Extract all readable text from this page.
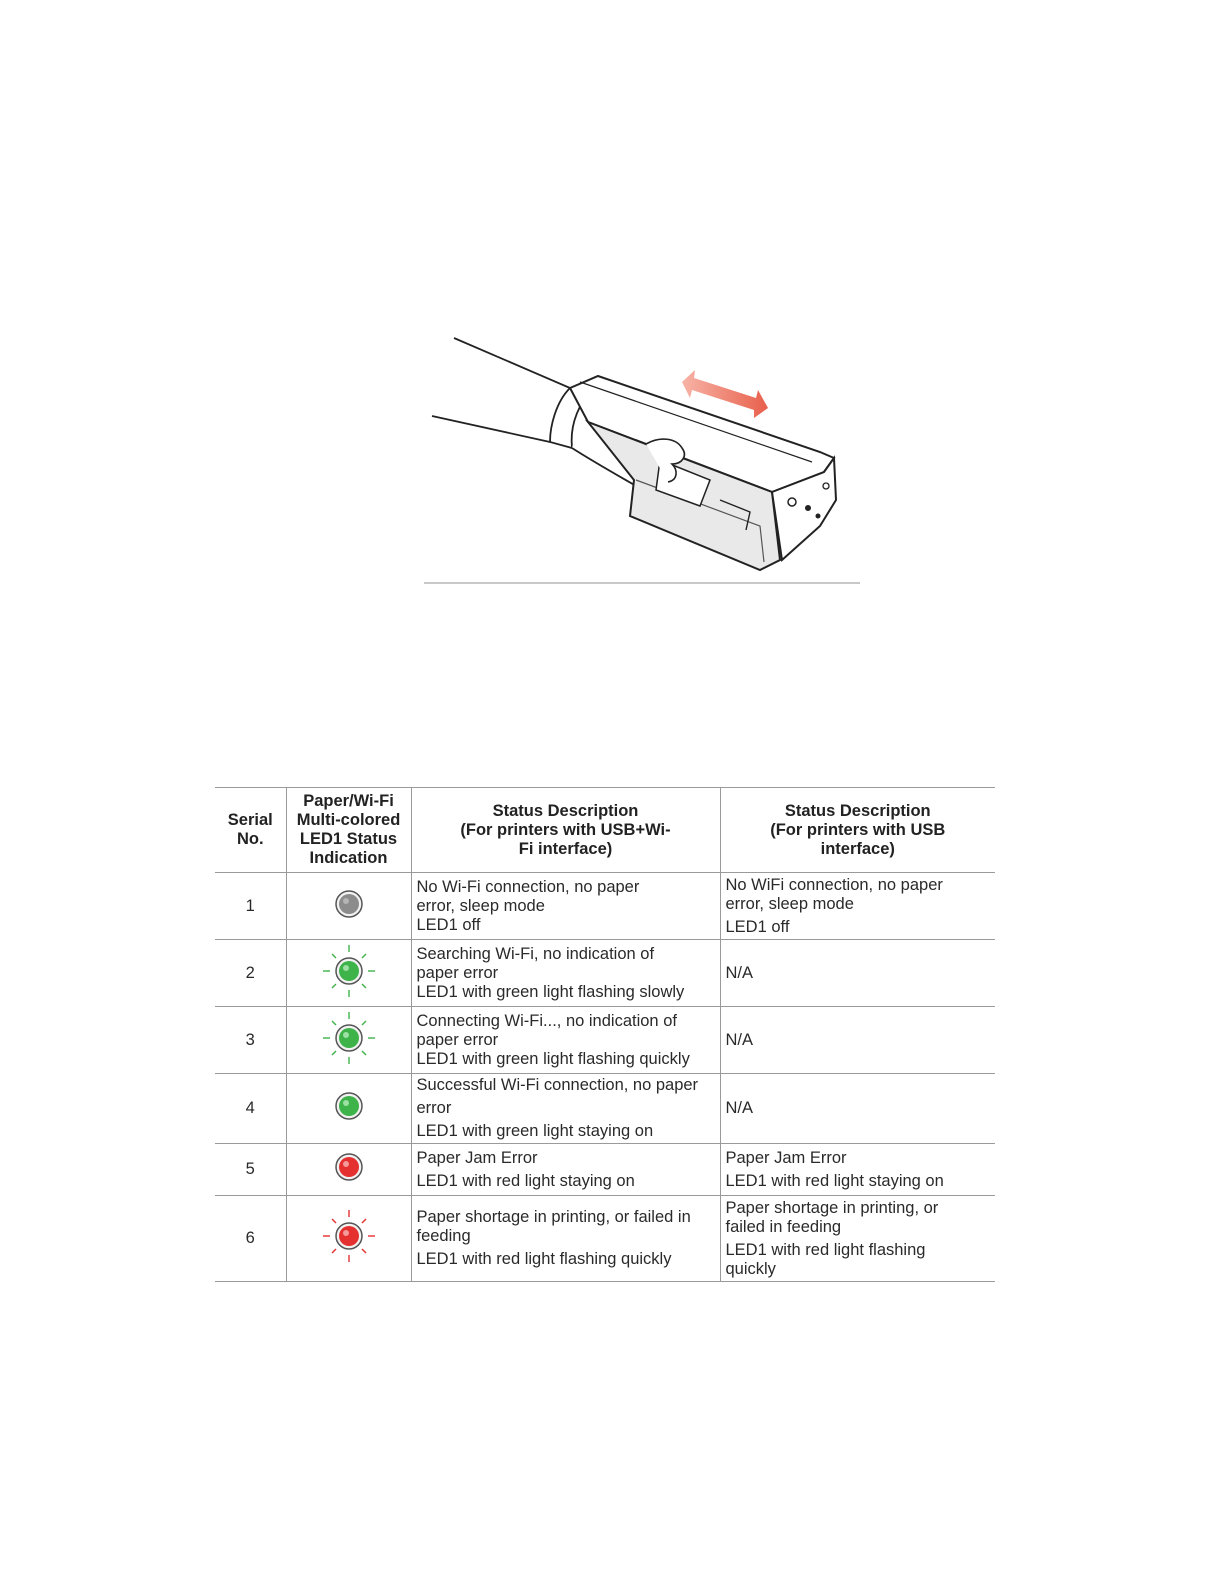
Serial
No.	Paper/Wi-Fi
Multi-colored
LED1 Status
Indication	Status Description
(For printers with USB+Wi-
Fi interface)	Status Description
(For printers with USB
interface)

1		No Wi-Fi connection, no paper
error, sleep mode
LED1 off	No WiFi connection, no paper
error, sleep mode
LED1 off

2		Searching Wi-Fi, no indication of
paper error
LED1 with green light flashing slowly	N/A

3		Connecting Wi-Fi..., no indication of
paper error
LED1 with green light flashing quickly	N/A

4		Successful Wi-Fi connection, no paper
error
LED1 with green light staying on	N/A

5		Paper Jam Error
LED1 with red light staying on	Paper Jam Error
LED1 with red light staying on

6		Paper shortage in printing, or failed in
feeding
LED1 with red light flashing quickly	Paper shortage in printing, or
failed in feeding
LED1 with red light flashing
quickly
